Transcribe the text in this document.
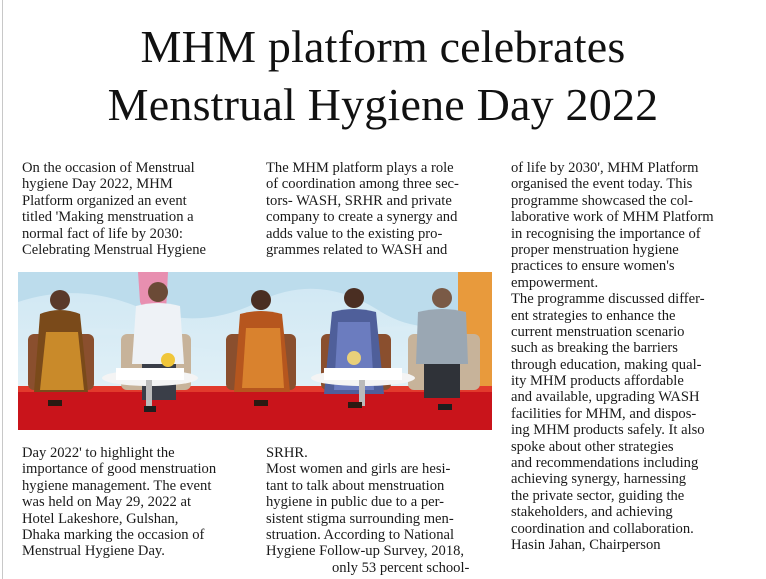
MHM platform celebrates
Menstrual Hygiene Day 2022
On the occasion of Menstrual
hygiene Day 2022, MHM
Platform organized an event
titled 'Making menstruation a
normal fact of life by 2030:
Celebrating Menstrual Hygiene
The MHM platform plays a role
of coordination among three sec-
tors- WASH, SRHR and private
company to create a synergy and
adds value to the existing pro-
grammes related to WASH and
Day 2022' to highlight the
importance of good menstruation
hygiene management. The event
was held on May 29, 2022 at
Hotel Lakeshore, Gulshan,
Dhaka marking the occasion of
Menstrual Hygiene Day.
SRHR.
Most women and girls are hesi-
tant to talk about menstruation
hygiene in public due to a per-
sistent stigma surrounding men-
struation. According to National
Hygiene Follow-up Survey, 2018,
only 53 percent school-
of life by 2030', MHM Platform
organised the event today. This
programme showcased the col-
laborative work of MHM Platform
in recognising the importance of
proper menstruation hygiene
practices to ensure women's
empowerment.
The programme discussed differ-
ent strategies to enhance the
current menstruation scenario
such as breaking the barriers
through education, making qual-
ity MHM products affordable
and available, upgrading WASH
facilities for MHM, and dispos-
ing MHM products safely. It also
spoke about other strategies
and recommendations including
achieving synergy, harnessing
the private sector, guiding the
stakeholders, and achieving
coordination and collaboration.
Hasin Jahan, Chairperson
